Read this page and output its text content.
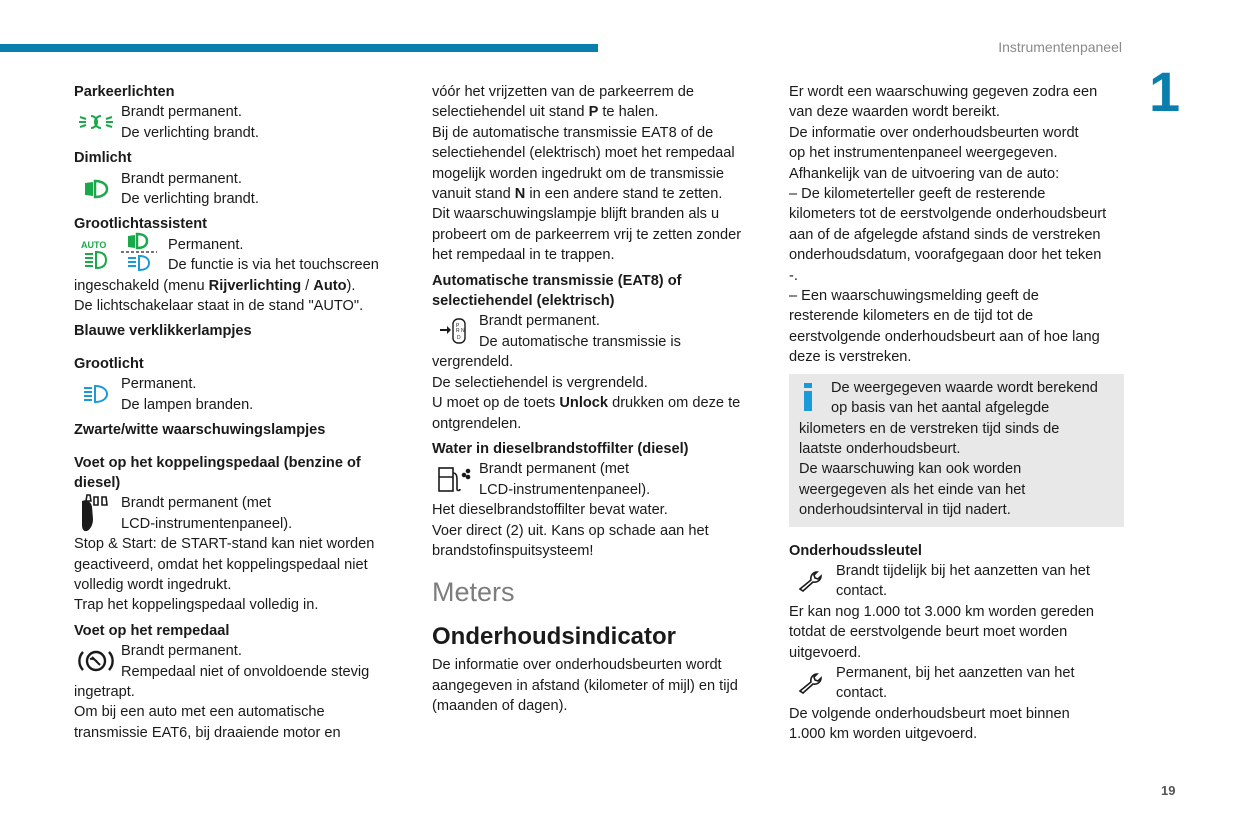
Instrumentenpaneel
1
Parkeerlichten
Brandt permanent.
De verlichting brandt.
Dimlicht
Brandt permanent.
De verlichting brandt.
Grootlichtassistent
AUTO	Permanent.
De functie is via het touchscreen
ingeschakeld (menu Rijverlichting / Auto).
De lichtschakelaar staat in de stand "AUTO".
Blauwe verklikkerlampjes
Grootlicht
Permanent.
De lampen branden.
Zwarte/witte waarschuwingslampjes
Voet op het koppelingspedaal (benzine of
diesel)
Brandt permanent (met
LCD-instrumentenpaneel).
Stop & Start: de START-stand kan niet worden
geactiveerd, omdat het koppelingspedaal niet
volledig wordt ingedrukt.
Trap het koppelingspedaal volledig in.
Voet op het rempedaal
Brandt permanent.
Rempedaal niet of onvoldoende stevig
ingetrapt.
Om bij een auto met een automatische
transmissie EAT6, bij draaiende motor en
vóór het vrijzetten van de parkeerrem de
selectiehendel uit stand P te halen.
Bij de automatische transmissie EAT8 of de
selectiehendel (elektrisch) moet het rempedaal
mogelijk worden ingedrukt om de transmissie
vanuit stand N in een andere stand te zetten.
Dit waarschuwingslampje blijft branden als u
probeert om de parkeerrem vrij te zetten zonder
het rempedaal in te trappen.
Automatische transmissie (EAT8) of
selectiehendel (elektrisch)
P
R N
D
Brandt permanent.
De automatische transmissie is
vergrendeld.
De selectiehendel is vergrendeld.
U moet op de toets Unlock drukken om deze te
ontgrendelen.
Water in dieselbrandstoffilter (diesel)
Brandt permanent (met
LCD-instrumentenpaneel).
Het dieselbrandstoffilter bevat water.
Voer direct (2) uit. Kans op schade aan het
brandstofinspuitsysteem!
Meters
Onderhoudsindicator
De informatie over onderhoudsbeurten wordt
aangegeven in afstand (kilometer of mijl) en tijd
(maanden of dagen).
Er wordt een waarschuwing gegeven zodra een
van deze waarden wordt bereikt.
De informatie over onderhoudsbeurten wordt
op het instrumentenpaneel weergegeven.
Afhankelijk van de uitvoering van de auto:
– De kilometerteller geeft de resterende
kilometers tot de eerstvolgende onderhoudsbeurt
aan of de afgelegde afstand sinds de verstreken
onderhoudsdatum, voorafgegaan door het teken
-.
– Een waarschuwingsmelding geeft de
resterende kilometers en de tijd tot de
eerstvolgende onderhoudsbeurt aan of hoe lang
deze is verstreken.
De weergegeven waarde wordt berekend
op basis van het aantal afgelegde
kilometers en de verstreken tijd sinds de
laatste onderhoudsbeurt.
De waarschuwing kan ook worden
weergegeven als het einde van het
onderhoudsinterval in tijd nadert.
Onderhoudssleutel
Brandt tijdelijk bij het aanzetten van het
contact.
Er kan nog 1.000 tot 3.000 km worden gereden
totdat de eerstvolgende beurt moet worden
uitgevoerd.
Permanent, bij het aanzetten van het
contact.
De volgende onderhoudsbeurt moet binnen
1.000 km worden uitgevoerd.
19
